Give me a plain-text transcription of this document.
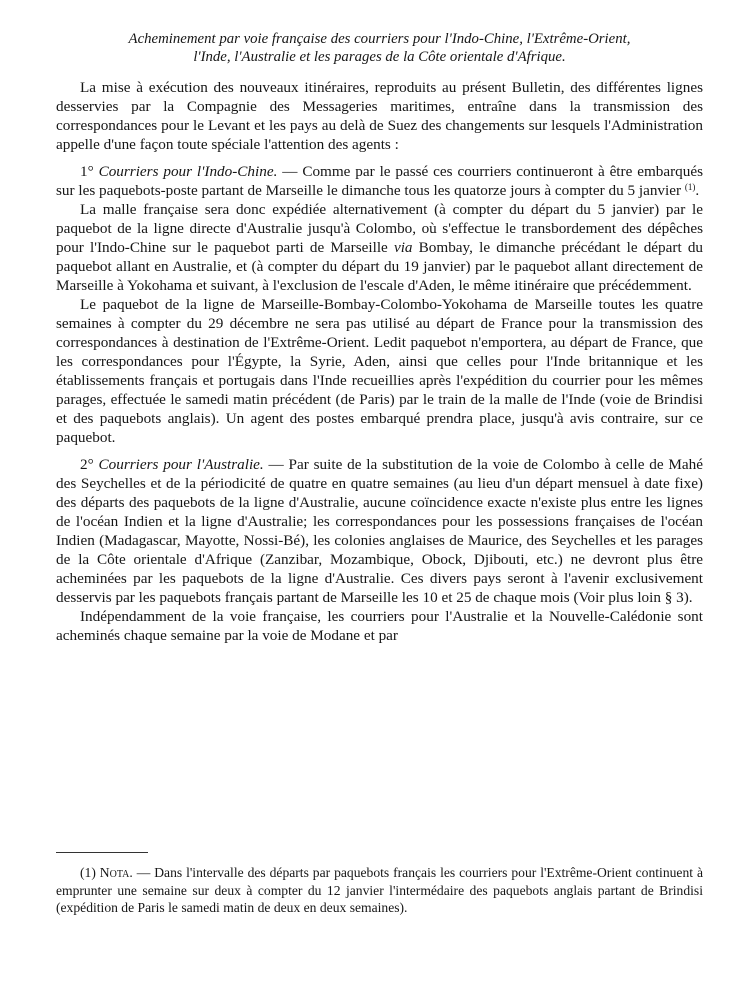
Acheminement par voie française des courriers pour l'Indo-Chine, l'Extrême-Orient,
l'Inde, l'Australie et les parages de la Côte orientale d'Afrique.

La mise à exécution des nouveaux itinéraires, reproduits au présent Bulletin, des différentes lignes desservies par la Compagnie des Messageries maritimes, entraîne dans la transmission des correspondances pour le Levant et les pays au delà de Suez des changements sur lesquels l'Administration appelle d'une façon toute spéciale l'attention des agents :

1° Courriers pour l'Indo-Chine. — Comme par le passé ces courriers continueront à être embarqués sur les paquebots-poste partant de Marseille le dimanche tous les quatorze jours à compter du 5 janvier $^{(1)}$.

La malle française sera donc expédiée alternativement (à compter du départ du 5 janvier) par le paquebot de la ligne directe d'Australie jusqu'à Colombo, où s'effectue le transbordement des dépêches pour l'Indo-Chine sur le paquebot parti de Marseille via Bombay, le dimanche précédant le départ du paquebot allant en Australie, et (à compter du départ du 19 janvier) par le paquebot allant directement de Marseille à Yokohama et suivant, à l'exclusion de l'escale d'Aden, le même itinéraire que précédemment.

Le paquebot de la ligne de Marseille-Bombay-Colombo-Yokohama de Marseille toutes les quatre semaines à compter du 29 décembre ne sera pas utilisé au départ de France pour la transmission des correspondances à destination de l'Extrême-Orient. Ledit paquebot n'emportera, au départ de France, que les correspondances pour l'Égypte, la Syrie, Aden, ainsi que celles pour l'Inde britannique et les établissements français et portugais dans l'Inde recueillies après l'expédition du courrier pour les mêmes parages, effectuée le samedi matin précédent (de Paris) par le train de la malle de l'Inde (voie de Brindisi et des paquebots anglais). Un agent des postes embarqué prendra place, jusqu'à avis contraire, sur ce paquebot.

2° Courriers pour l'Australie. — Par suite de la substitution de la voie de Colombo à celle de Mahé des Seychelles et de la périodicité de quatre en quatre semaines (au lieu d'un départ mensuel à date fixe) des départs des paquebots de la ligne d'Australie, aucune coïncidence exacte n'existe plus entre les lignes de l'océan Indien et la ligne d'Australie; les correspondances pour les possessions françaises de l'océan Indien (Madagascar, Mayotte, Nossi-Bé), les colonies anglaises de Maurice, des Seychelles et les parages de la Côte orientale d'Afrique (Zanzibar, Mozambique, Obock, Djibouti, etc.) ne devront plus être acheminées par les paquebots de la ligne d'Australie. Ces divers pays seront à l'avenir exclusivement desservis par les paquebots français partant de Marseille les 10 et 25 de chaque mois (Voir plus loin § 3).

Indépendamment de la voie française, les courriers pour l'Australie et la Nouvelle-Calédonie sont acheminés chaque semaine par la voie de Modane et par

(1) Nota. — Dans l'intervalle des départs par paquebots français les courriers pour l'Extrême-Orient continuent à emprunter une semaine sur deux à compter du 12 janvier l'intermédaire des paquebots anglais partant de Brindisi (expédition de Paris le samedi matin de deux en deux semaines).
